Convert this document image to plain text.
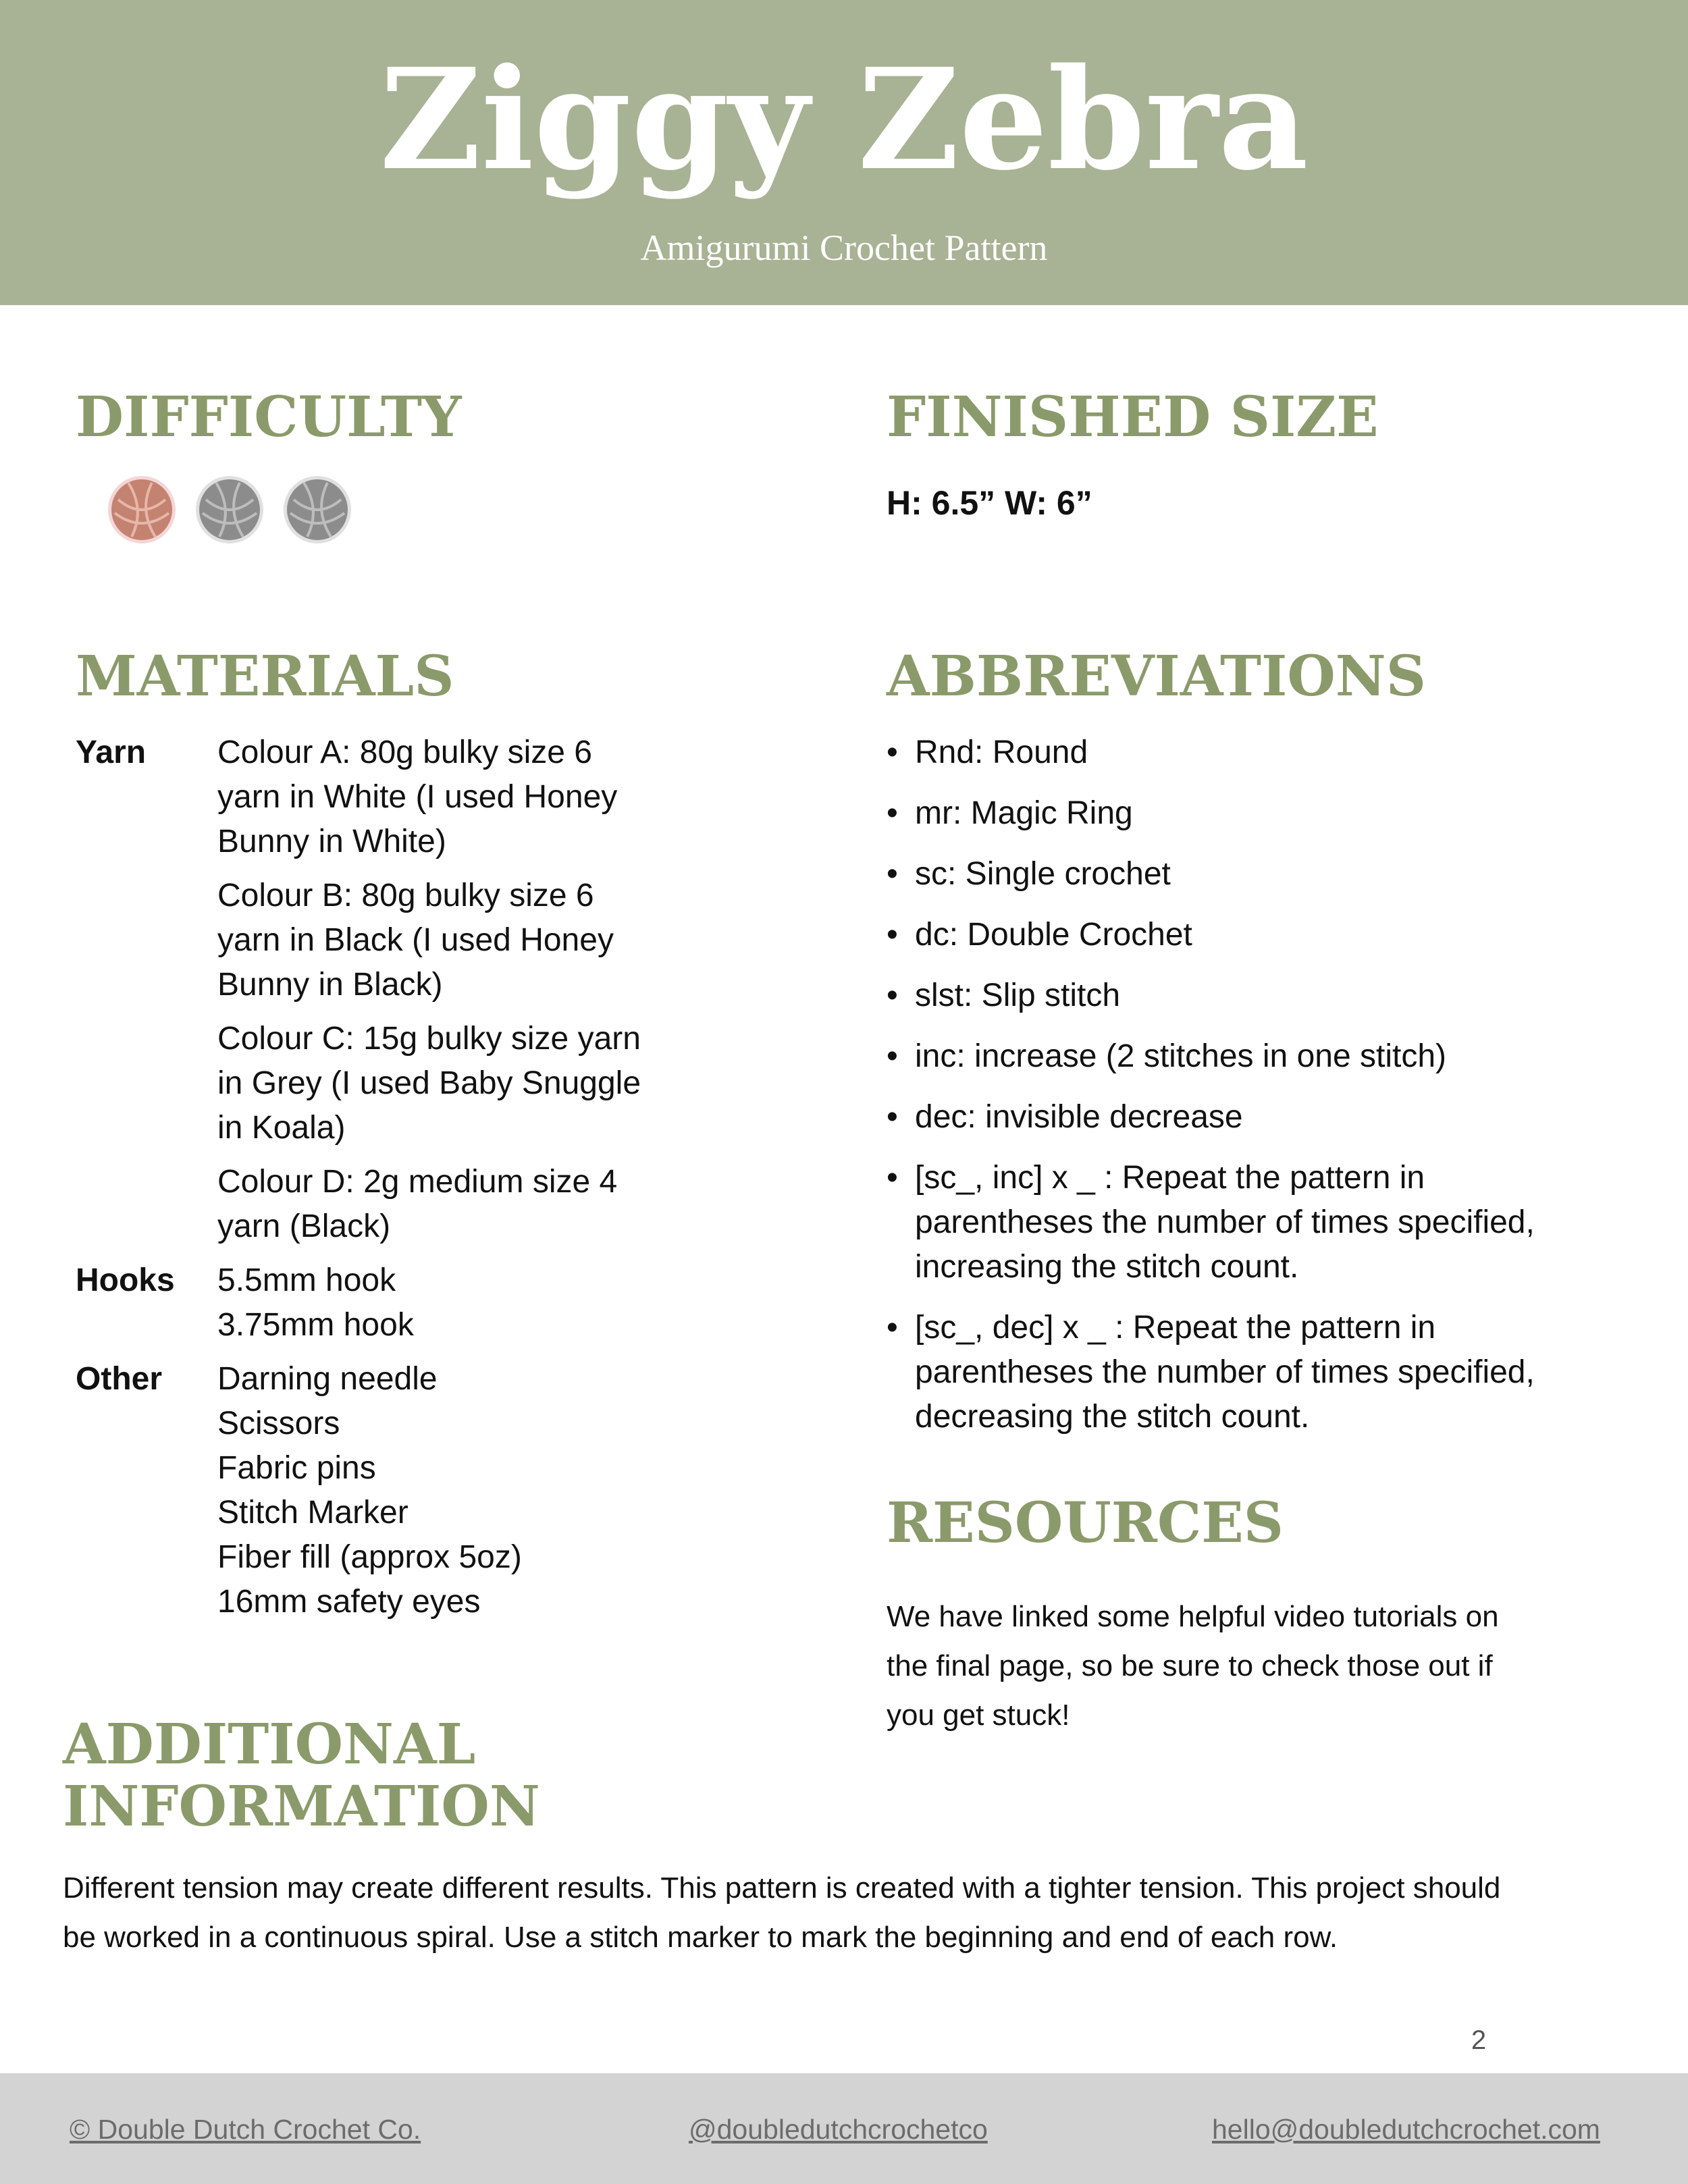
Ziggy Zebra
Amigurumi Crochet Pattern
DIFFICULTY	FINISHED SIZE
H: 6.5” W: 6”
MATERIALS
Yarn Colour A: 80g bulky size 6
yarn in White (I used Honey
Bunny in White)
Colour B: 80g bulky size 6
yarn in Black (I used Honey
Bunny in Black)
Colour C: 15g bulky size yarn
in Grey (I used Baby Snuggle
in Koala)
Colour D: 2g medium size 4
yarn (Black)
Hooks 5.5mm hook
3.75mm hook
Other Darning needle
Scissors
Fabric pins
Stitch Marker
Fiber fill (approx 5oz)
16mm safety eyes
ABBREVIATIONS
• Rnd: Round
• mr: Magic Ring
• sc: Single crochet
• dc: Double Crochet
• slst: Slip stitch
• inc: increase (2 stitches in one stitch)
• dec: invisible decrease
• [sc_, inc] x _ : Repeat the pattern in
parentheses the number of times specified,
increasing the stitch count.
• [sc_, dec] x _ : Repeat the pattern in
parentheses the number of times specified,
decreasing the stitch count.
RESOURCES
We have linked some helpful video tutorials on
the final page, so be sure to check those out if
you get stuck!
ADDITIONAL
INFORMATION
Different tension may create different results. This pattern is created with a tighter tension. This project should
be worked in a continuous spiral. Use a stitch marker to mark the beginning and end of each row.
2
© Double Dutch Crochet Co.	@doubledutchcrochetco	hello@doubledutchcrochet.com
